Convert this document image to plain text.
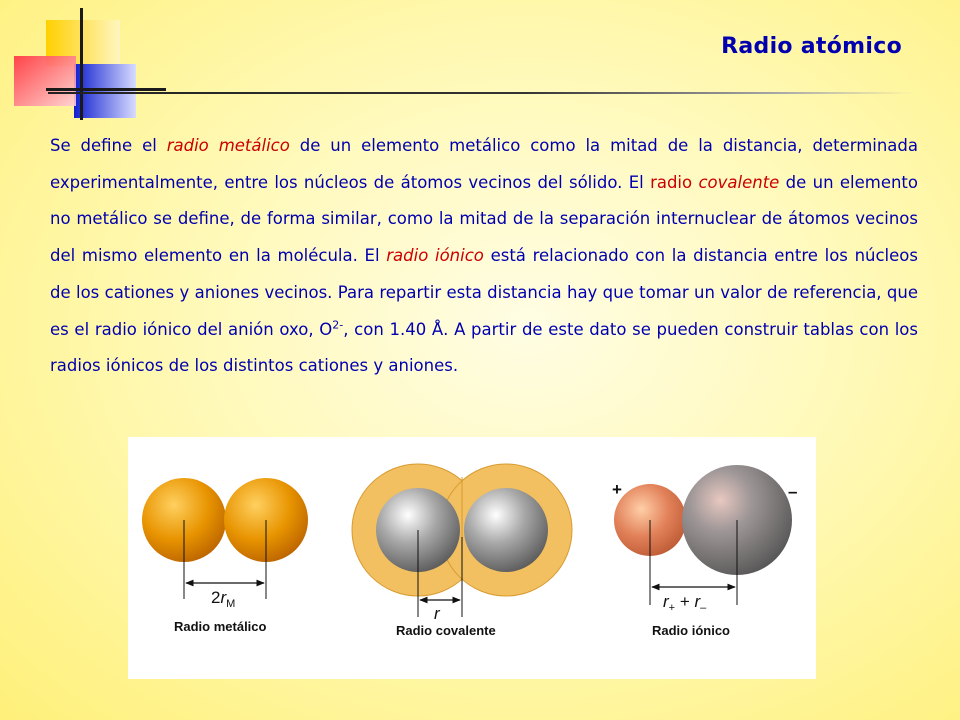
Radio atómico

Se define el radio metálico de un elemento metálico como la mitad de la distancia, determinada experimentalmente, entre los núcleos de átomos vecinos del sólido. El radio covalente de un elemento no metálico se define, de forma similar, como la mitad de la separación internuclear de átomos vecinos del mismo elemento en la molécula. El radio iónico está relacionado con la distancia entre los núcleos de los cationes y aniones vecinos. Para repartir esta distancia hay que tomar un valor de referencia, que es el radio iónico del anión oxo, $O^{2-}$, con 1.40 Å. A partir de este dato se pueden construir tablas con los radios iónicos de los distintos cationes y aniones.

$2r_M$
Radio metálico
r
Radio covalente
+	–
$r_+ + r_-$
Radio iónico
